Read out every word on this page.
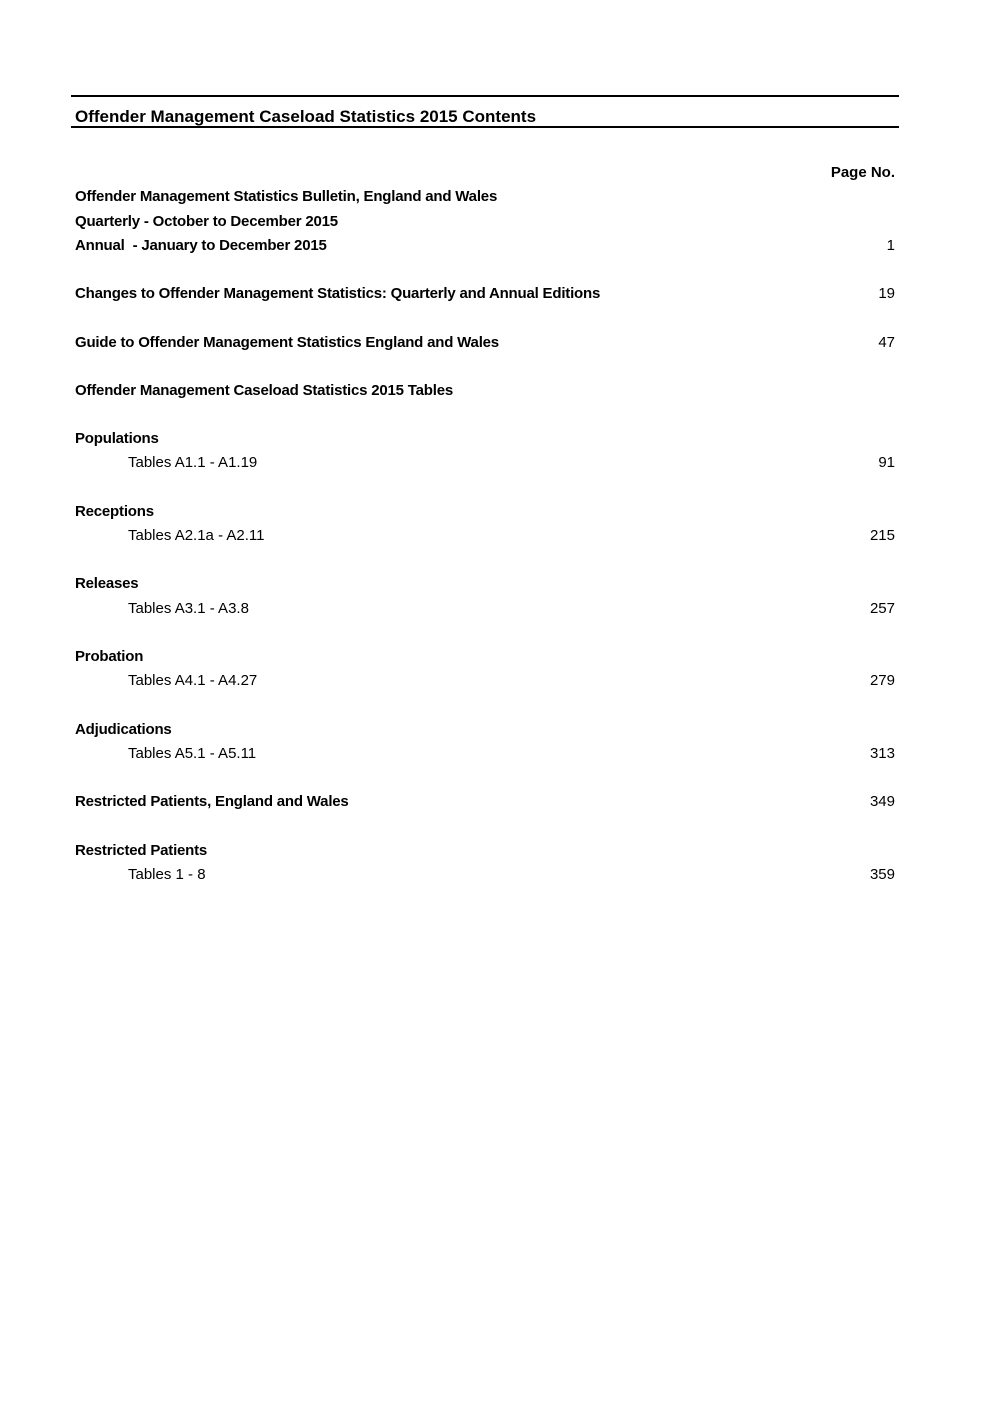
Offender Management Caseload Statistics 2015 Contents
Page No.
Offender Management Statistics Bulletin, England and Wales
Quarterly - October to December 2015
Annual  - January to December 2015	1
Changes to Offender Management Statistics: Quarterly and Annual Editions	19
Guide to Offender Management Statistics England and Wales	47
Offender Management Caseload Statistics 2015 Tables
Populations
Tables A1.1 - A1.19	91
Receptions
Tables A2.1a - A2.11	215
Releases
Tables A3.1 - A3.8	257
Probation
Tables A4.1 - A4.27	279
Adjudications
Tables A5.1 - A5.11	313
Restricted Patients, England and Wales	349
Restricted Patients
Tables 1 - 8	359
